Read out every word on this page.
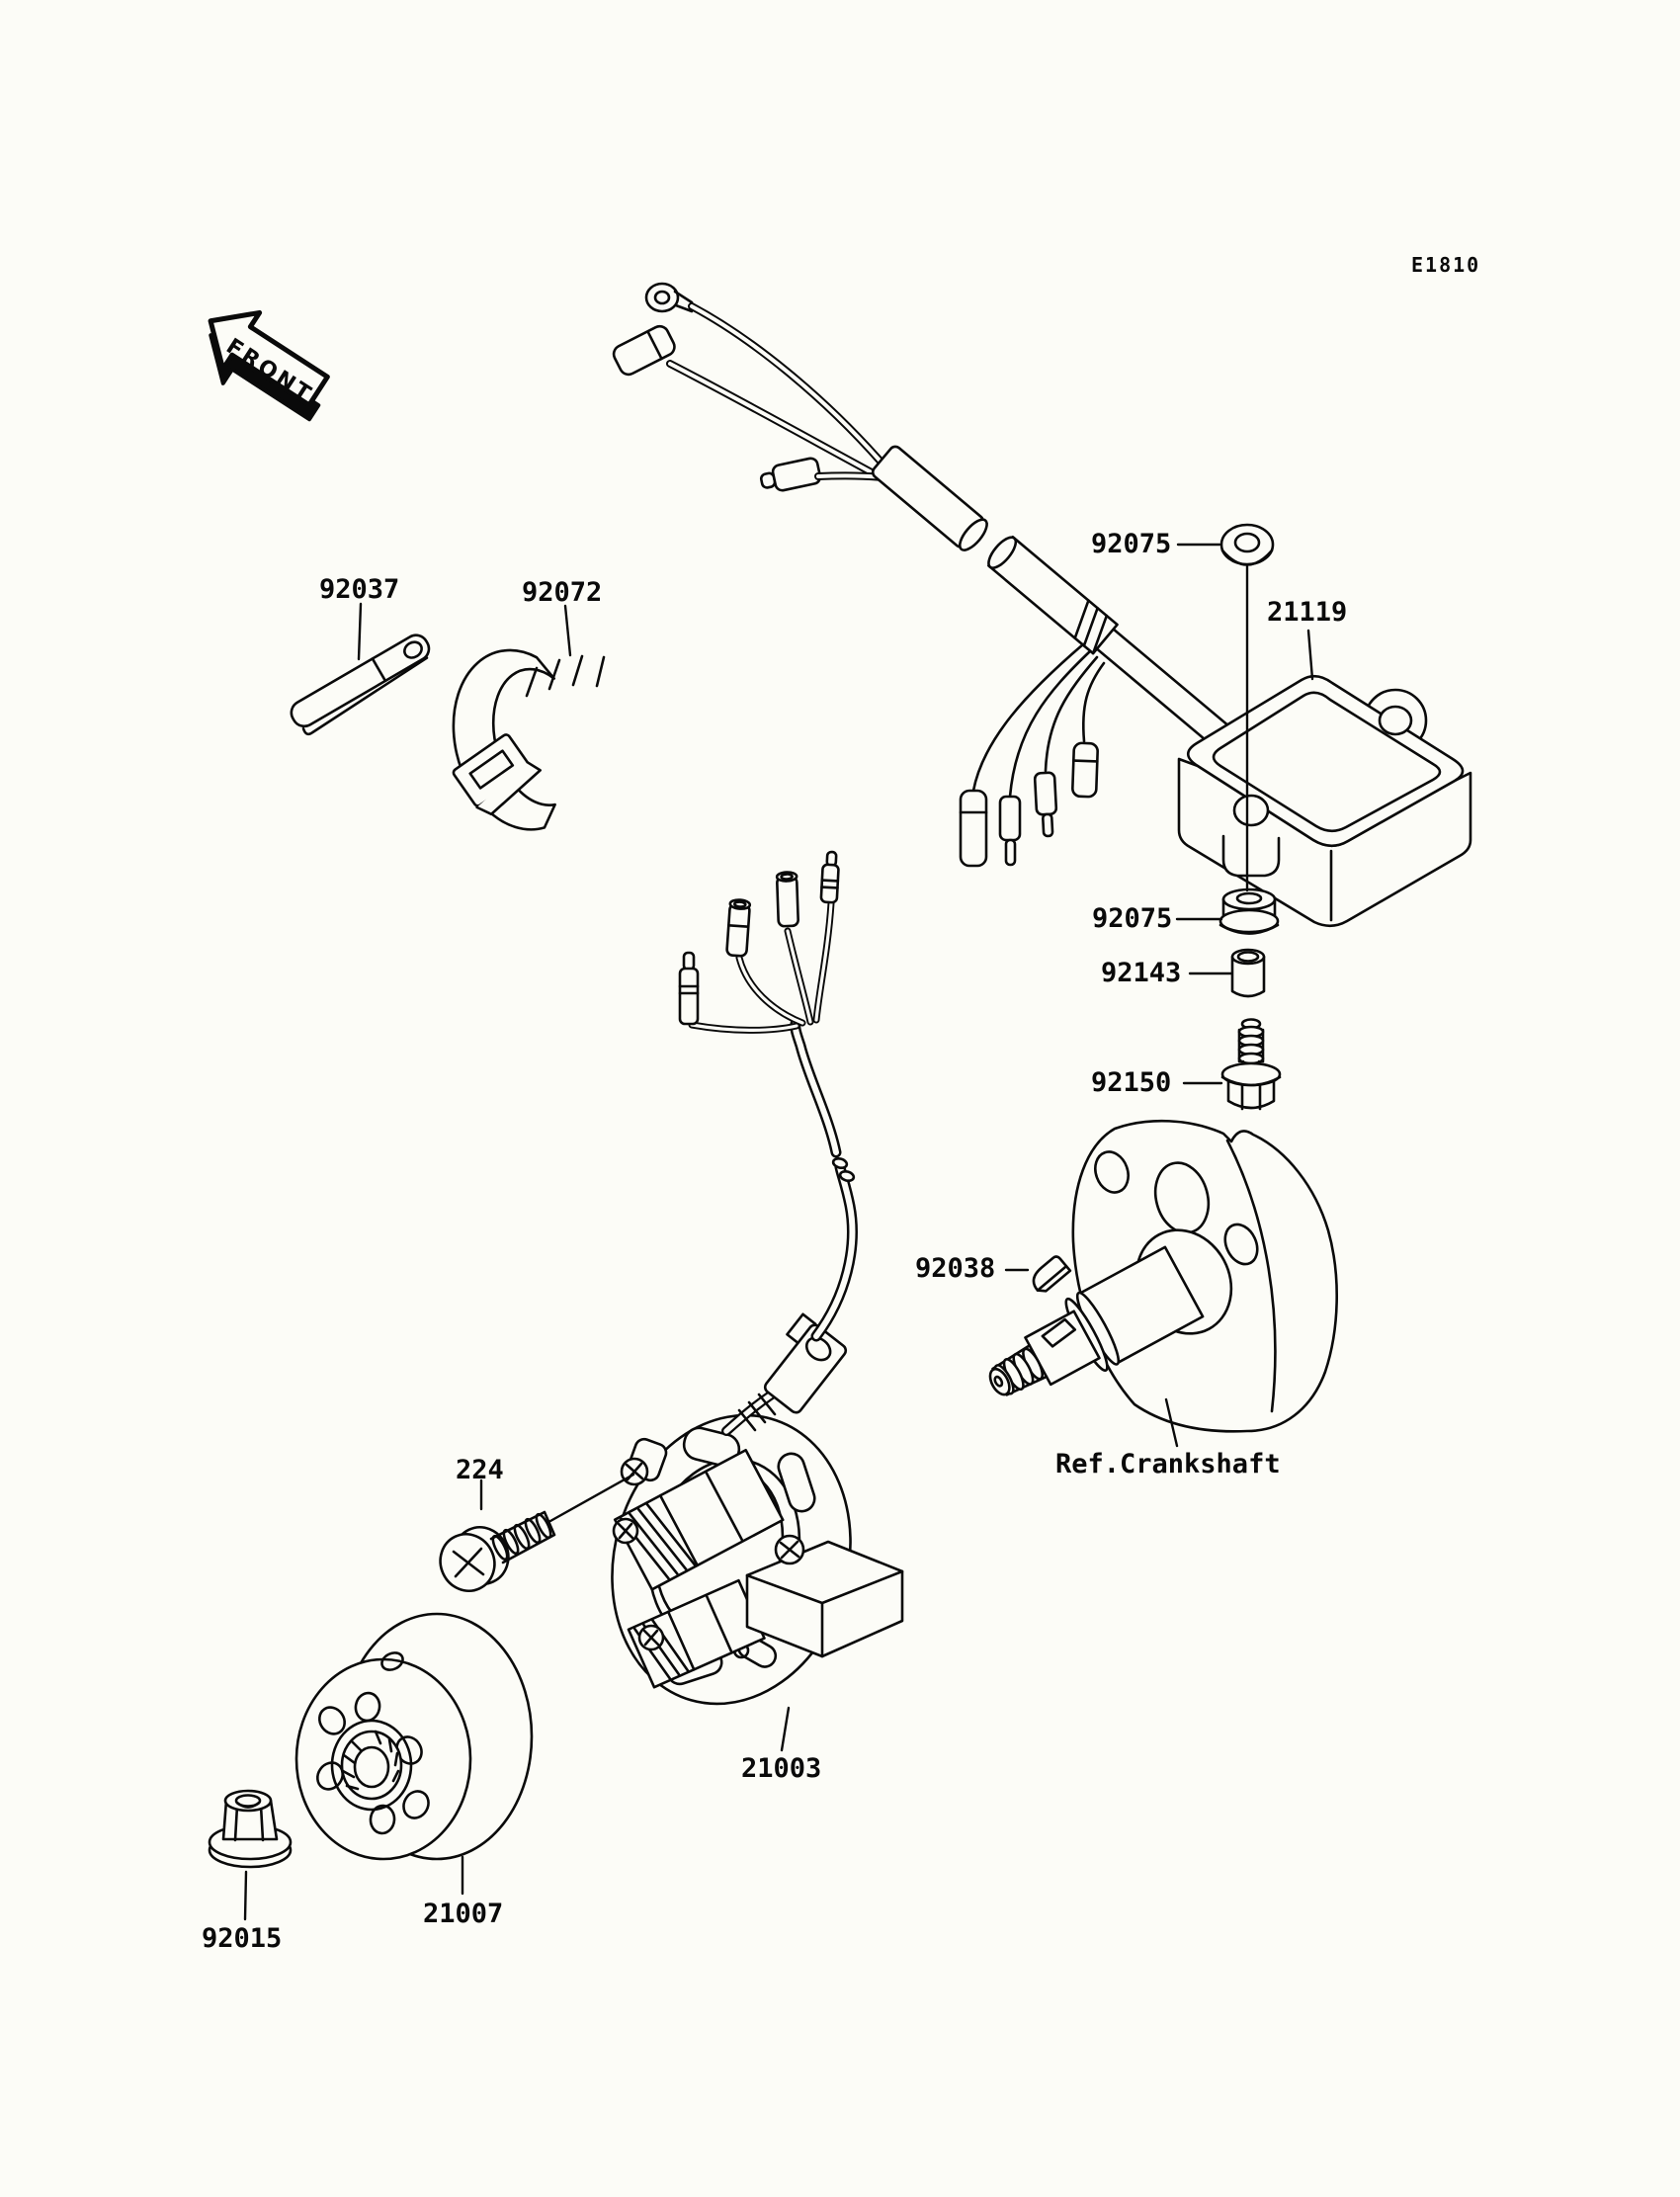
E1810
FRONT
92037	92072
92075
21119
92075
92143
92150
92038
Ref.Crankshaft
224
21003
21007
92015
